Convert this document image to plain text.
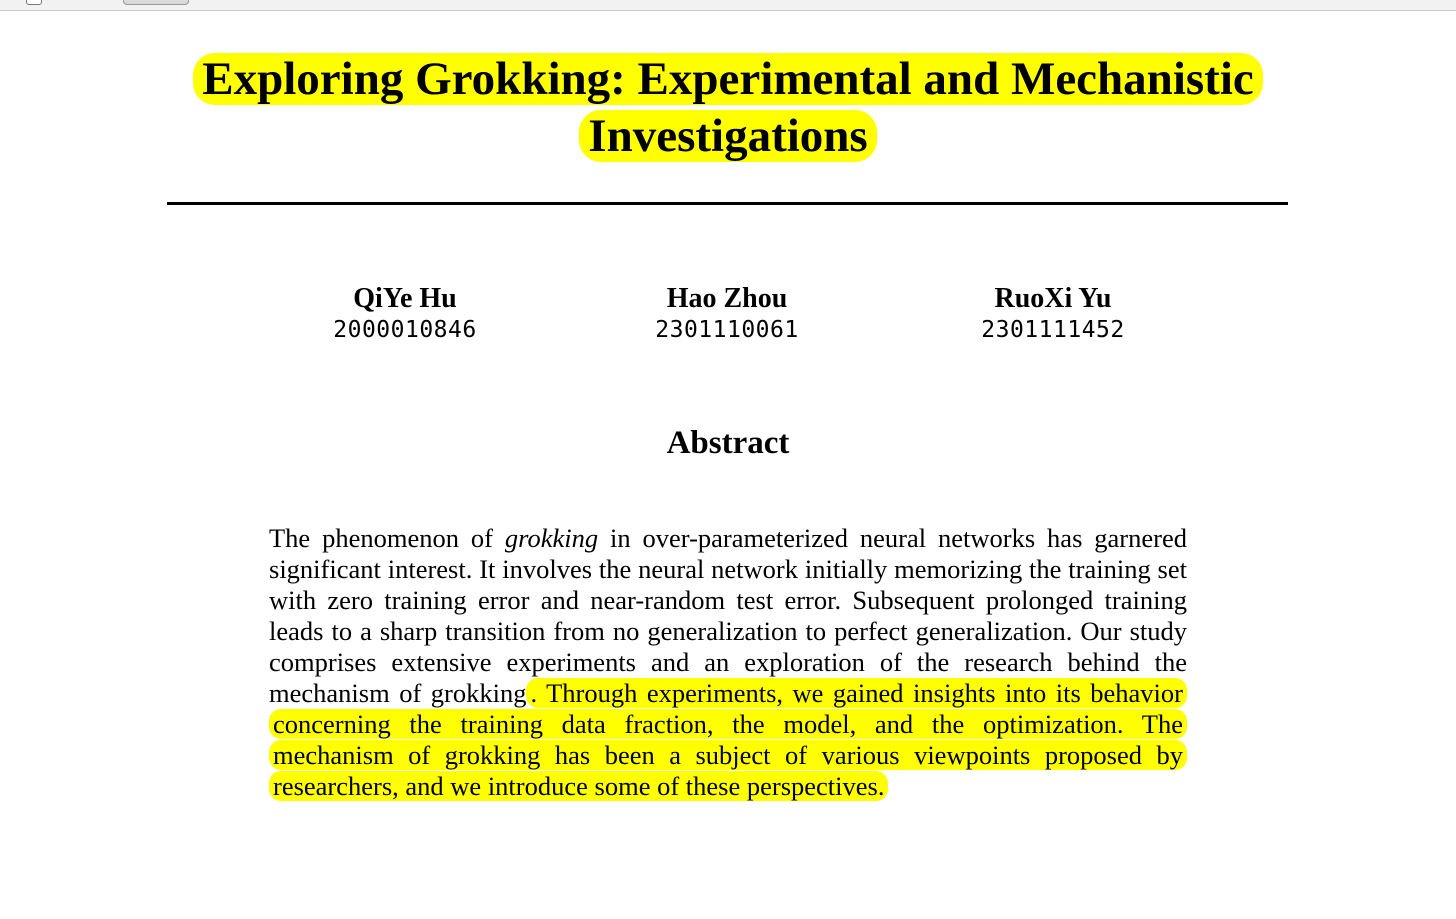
Exploring Grokking: Experimental and Mechanistic Investigations
QiYe Hu
2000010846
Hao Zhou
2301110061
RuoXi Yu
2301111452
Abstract

The phenomenon of grokking in over-parameterized neural networks has garnered significant interest. It involves the neural network initially memorizing the training set with zero training error and near-random test error. Subsequent prolonged training leads to a sharp transition from no generalization to perfect generalization. Our study comprises extensive experiments and an exploration of the research behind the mechanism of grokking . Through experiments, we gained insights into its behavior concerning the training data fraction, the model, and the optimization. The mechanism of grokking has been a subject of various viewpoints proposed by researchers, and we introduce some of these perspectives.
